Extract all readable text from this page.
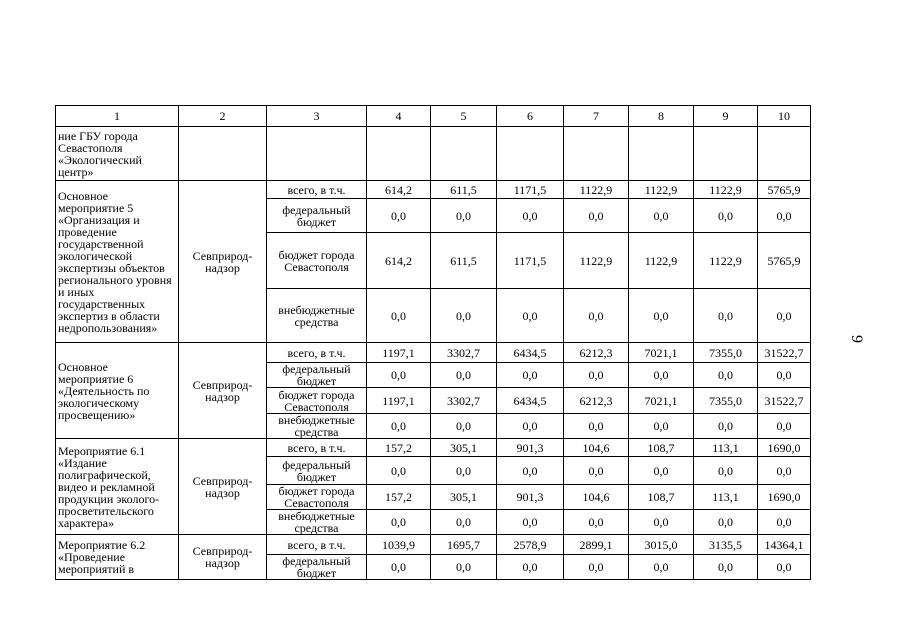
1	2	3	4	5	6	7	8	9	10
ние ГБУ города Севастополя «Экологический центр»									
Основное мероприятие 5 «Организация и проведение государственной экологической экспертизы объектов регионального уровня и иных государственных экспертиз в области недропользования»	Севприрод-надзор	всего, в т.ч.	614,2	611,5	1171,5	1122,9	1122,9	1122,9	5765,9
		федеральный бюджет	0,0	0,0	0,0	0,0	0,0	0,0	0,0
		бюджет города Севастополя	614,2	611,5	1171,5	1122,9	1122,9	1122,9	5765,9
		внебюджетные средства	0,0	0,0	0,0	0,0	0,0	0,0	0,0
Основное мероприятие 6 «Деятельность по экологическому просвещению»	Севприрод-надзор	всего, в т.ч.	1197,1	3302,7	6434,5	6212,3	7021,1	7355,0	31522,7
		федеральный бюджет	0,0	0,0	0,0	0,0	0,0	0,0	0,0
		бюджет города Севастополя	1197,1	3302,7	6434,5	6212,3	7021,1	7355,0	31522,7
		внебюджетные средства	0,0	0,0	0,0	0,0	0,0	0,0	0,0
Мероприятие 6.1 «Издание полиграфической, видео и рекламной продукции эколого-просветительского характера»	Севприрод-надзор	всего, в т.ч.	157,2	305,1	901,3	104,6	108,7	113,1	1690,0
		федеральный бюджет	0,0	0,0	0,0	0,0	0,0	0,0	0,0
		бюджет города Севастополя	157,2	305,1	901,3	104,6	108,7	113,1	1690,0
		внебюджетные средства	0,0	0,0	0,0	0,0	0,0	0,0	0,0
Мероприятие 6.2 «Проведение мероприятий в	Севприрод-надзор	всего, в т.ч.	1039,9	1695,7	2578,9	2899,1	3015,0	3135,5	14364,1
		федеральный бюджет	0,0	0,0	0,0	0,0	0,0	0,0	0,0
9
